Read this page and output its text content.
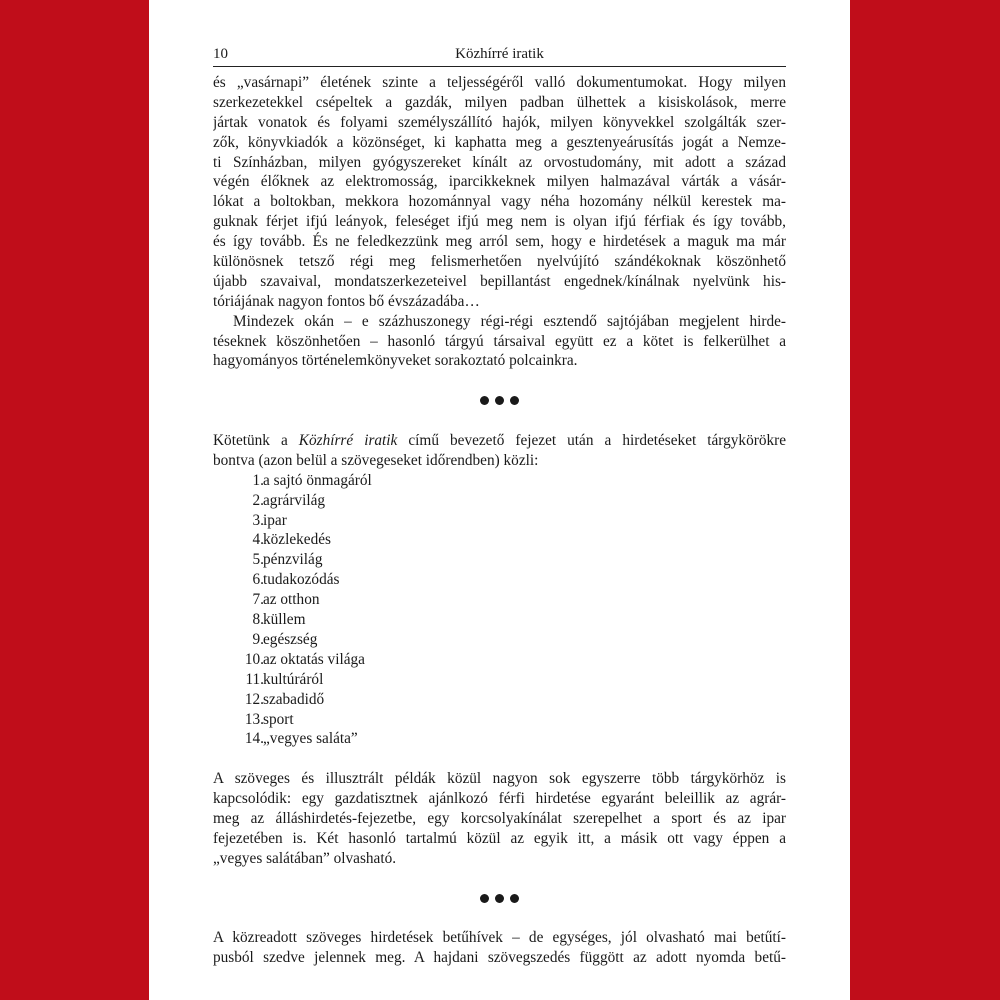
10	Közhírré iratik
és „vasárnapi” életének szinte a teljességéről valló dokumentumokat. Hogy milyen
szerkezetekkel csépeltek a gazdák, milyen padban ülhettek a kisiskolások, merre
jártak vonatok és folyami személyszállító hajók, milyen könyvekkel szolgálták szer-
zők, könyvkiadók a közönséget, ki kaphatta meg a gesztenyeárusítás jogát a Nemze-
ti Színházban, milyen gyógyszereket kínált az orvostudomány, mit adott a század
végén élőknek az elektromosság, iparcikkeknek milyen halmazával várták a vásár-
lókat a boltokban, mekkora hozománnyal vagy néha hozomány nélkül kerestek ma-
guknak férjet ifjú leányok, feleséget ifjú meg nem is olyan ifjú férfiak és így tovább,
és így tovább. És ne feledkezzünk meg arról sem, hogy e hirdetések a maguk ma már
különösnek tetsző régi meg felismerhetően nyelvújító szándékoknak köszönhető
újabb szavaival, mondatszerkezeteivel bepillantást engednek/kínálnak nyelvünk his-
tóriájának nagyon fontos bő évszázadába…
Mindezek okán – e százhuszonegy régi-régi esztendő sajtójában megjelent hirde-
téseknek köszönhetően – hasonló tárgyú társaival együtt ez a kötet is felkerülhet a
hagyományos történelemkönyveket sorakoztató polcainkra.
Kötetünk a Közhírré iratik című bevezető fejezet után a hirdetéseket tárgykörökre
bontva (azon belül a szövegeseket időrendben) közli:
1. a sajtó önmagáról
2. agrárvilág
3. ipar
4. közlekedés
5. pénzvilág
6. tudakozódás
7. az otthon
8. küllem
9. egészség
10. az oktatás világa
11. kultúráról
12. szabadidő
13. sport
14. „vegyes saláta”
A szöveges és illusztrált példák közül nagyon sok egyszerre több tárgykörhöz is
kapcsolódik: egy gazdatisztnek ajánlkozó férfi hirdetése egyaránt beleillik az agrár-
meg az álláshirdetés-fejezetbe, egy korcsolyakínálat szerepelhet a sport és az ipar
fejezetében is. Két hasonló tartalmú közül az egyik itt, a másik ott vagy éppen a
„vegyes salátában” olvasható.
A közreadott szöveges hirdetések betűhívek – de egységes, jól olvasható mai betűtí-
pusból szedve jelennek meg. A hajdani szövegszedés függött az adott nyomda betű-
